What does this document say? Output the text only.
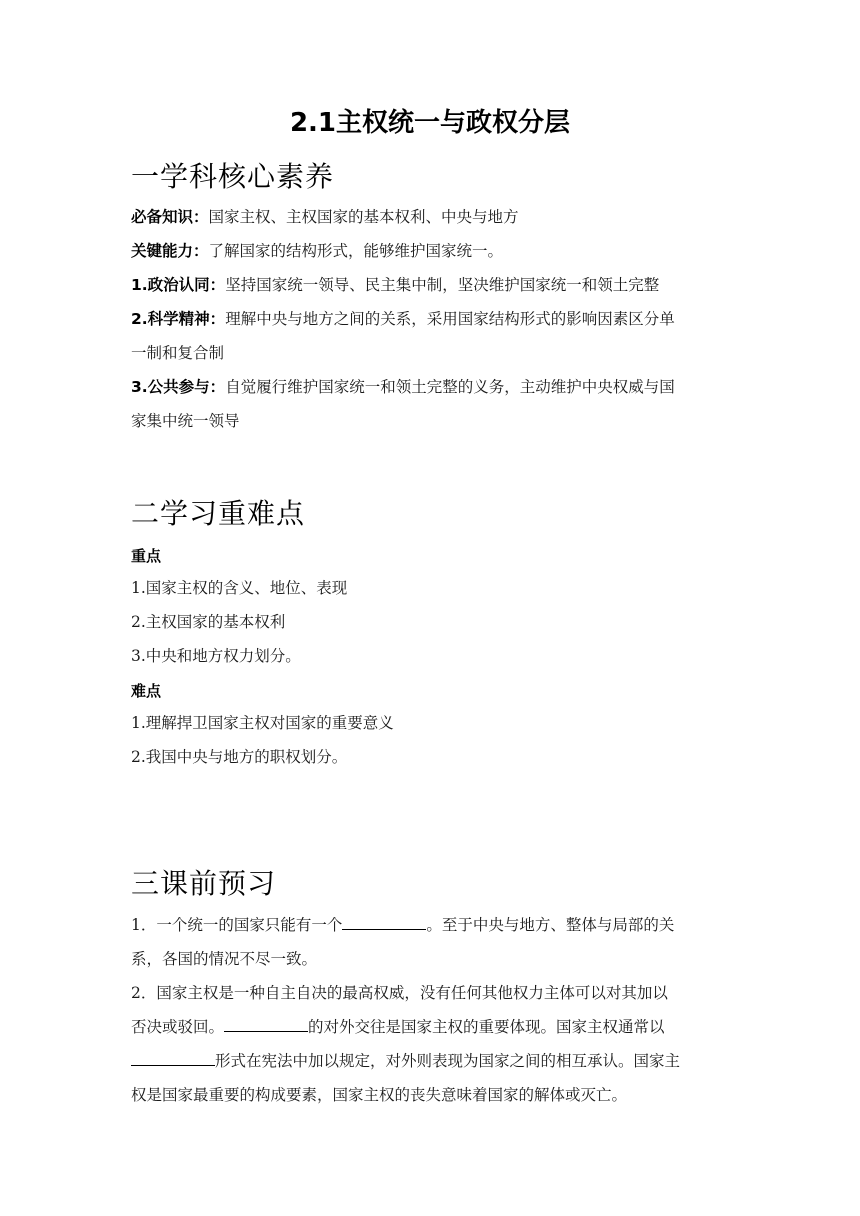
2.1主权统一与政权分层
一学科核心素养
必备知识：国家主权、主权国家的基本权利、中央与地方
关键能力：了解国家的结构形式，能够维护国家统一。
1.政治认同：坚持国家统一领导、民主集中制，坚决维护国家统一和领土完整
2.科学精神：理解中央与地方之间的关系，采用国家结构形式的影响因素区分单
一制和复合制
3.公共参与：自觉履行维护国家统一和领土完整的义务，主动维护中央权威与国
家集中统一领导
二学习重难点
重点
1.国家主权的含义、地位、表现
2.主权国家的基本权利
3.中央和地方权力划分。
难点
1.理解捍卫国家主权对国家的重要意义
2.我国中央与地方的职权划分。
三课前预习
1．一个统一的国家只能有一个	。至于中央与地方、整体与局部的关
系，各国的情况不尽一致。
2．国家主权是一种自主自决的最高权威，没有任何其他权力主体可以对其加以
否决或驳回。	的对外交往是国家主权的重要体现。国家主权通常以
形式在宪法中加以规定，对外则表现为国家之间的相互承认。国家主
权是国家最重要的构成要素，国家主权的丧失意味着国家的解体或灭亡。
